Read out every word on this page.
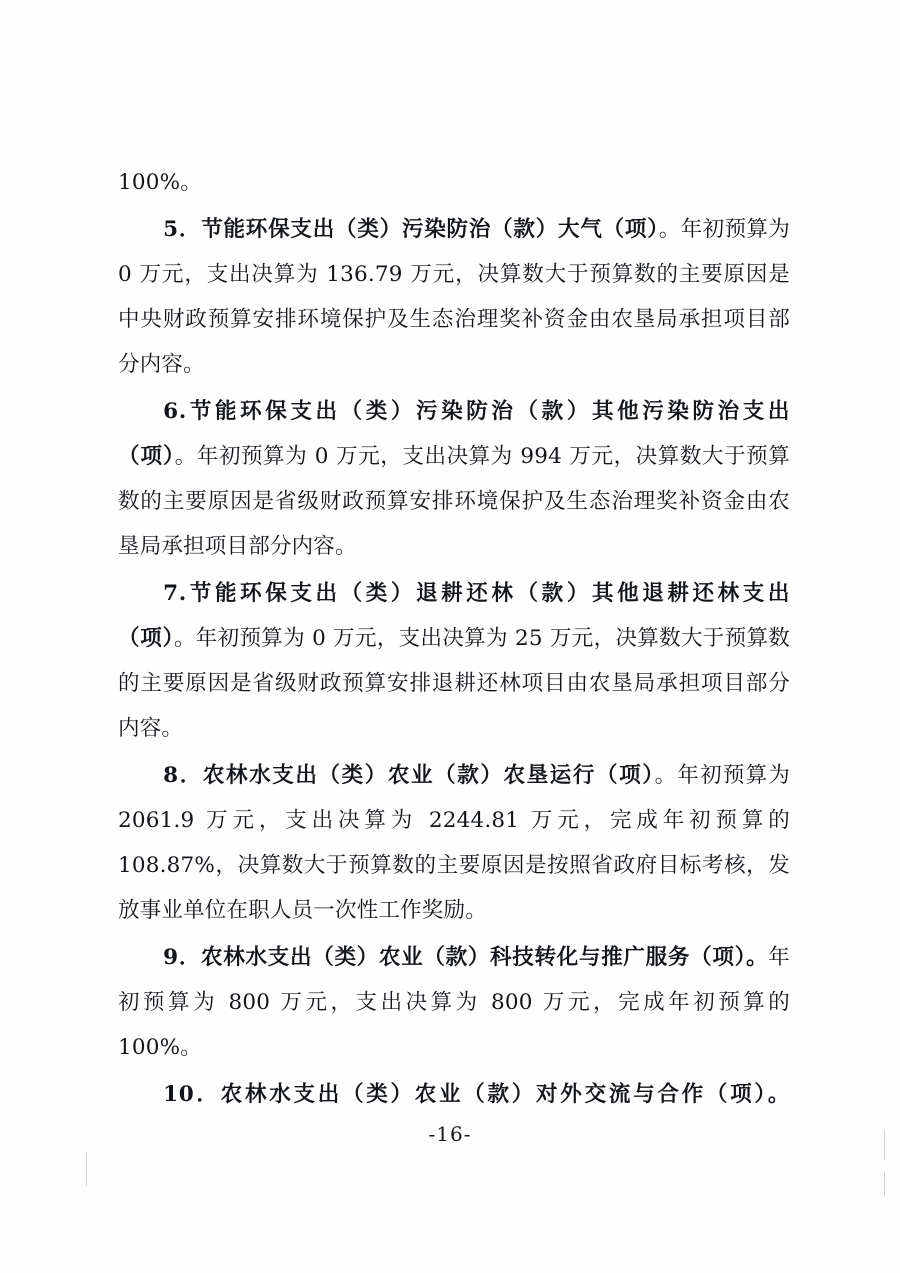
100%。

5．节能环保支出（类）污染防治（款）大气（项）。年初预算为 0 万元，支出决算为 136.79 万元，决算数大于预算数的主要原因是中央财政预算安排环境保护及生态治理奖补资金由农垦局承担项目部分内容。

6.节能环保支出（类）污染防治（款）其他污染防治支出（项）。年初预算为 0 万元，支出决算为 994 万元，决算数大于预算数的主要原因是省级财政预算安排环境保护及生态治理奖补资金由农垦局承担项目部分内容。

7.节能环保支出（类）退耕还林（款）其他退耕还林支出（项）。年初预算为 0 万元，支出决算为 25 万元，决算数大于预算数的主要原因是省级财政预算安排退耕还林项目由农垦局承担项目部分内容。

8．农林水支出（类）农业（款）农垦运行（项）。年初预算为 2061.9 万元，支出决算为 2244.81 万元，完成年初预算的 108.87%，决算数大于预算数的主要原因是按照省政府目标考核，发放事业单位在职人员一次性工作奖励。

9．农林水支出（类）农业（款）科技转化与推广服务（项）。年初预算为 800 万元，支出决算为 800 万元，完成年初预算的 100%。

10．农林水支出（类）农业（款）对外交流与合作（项）。

-16-
